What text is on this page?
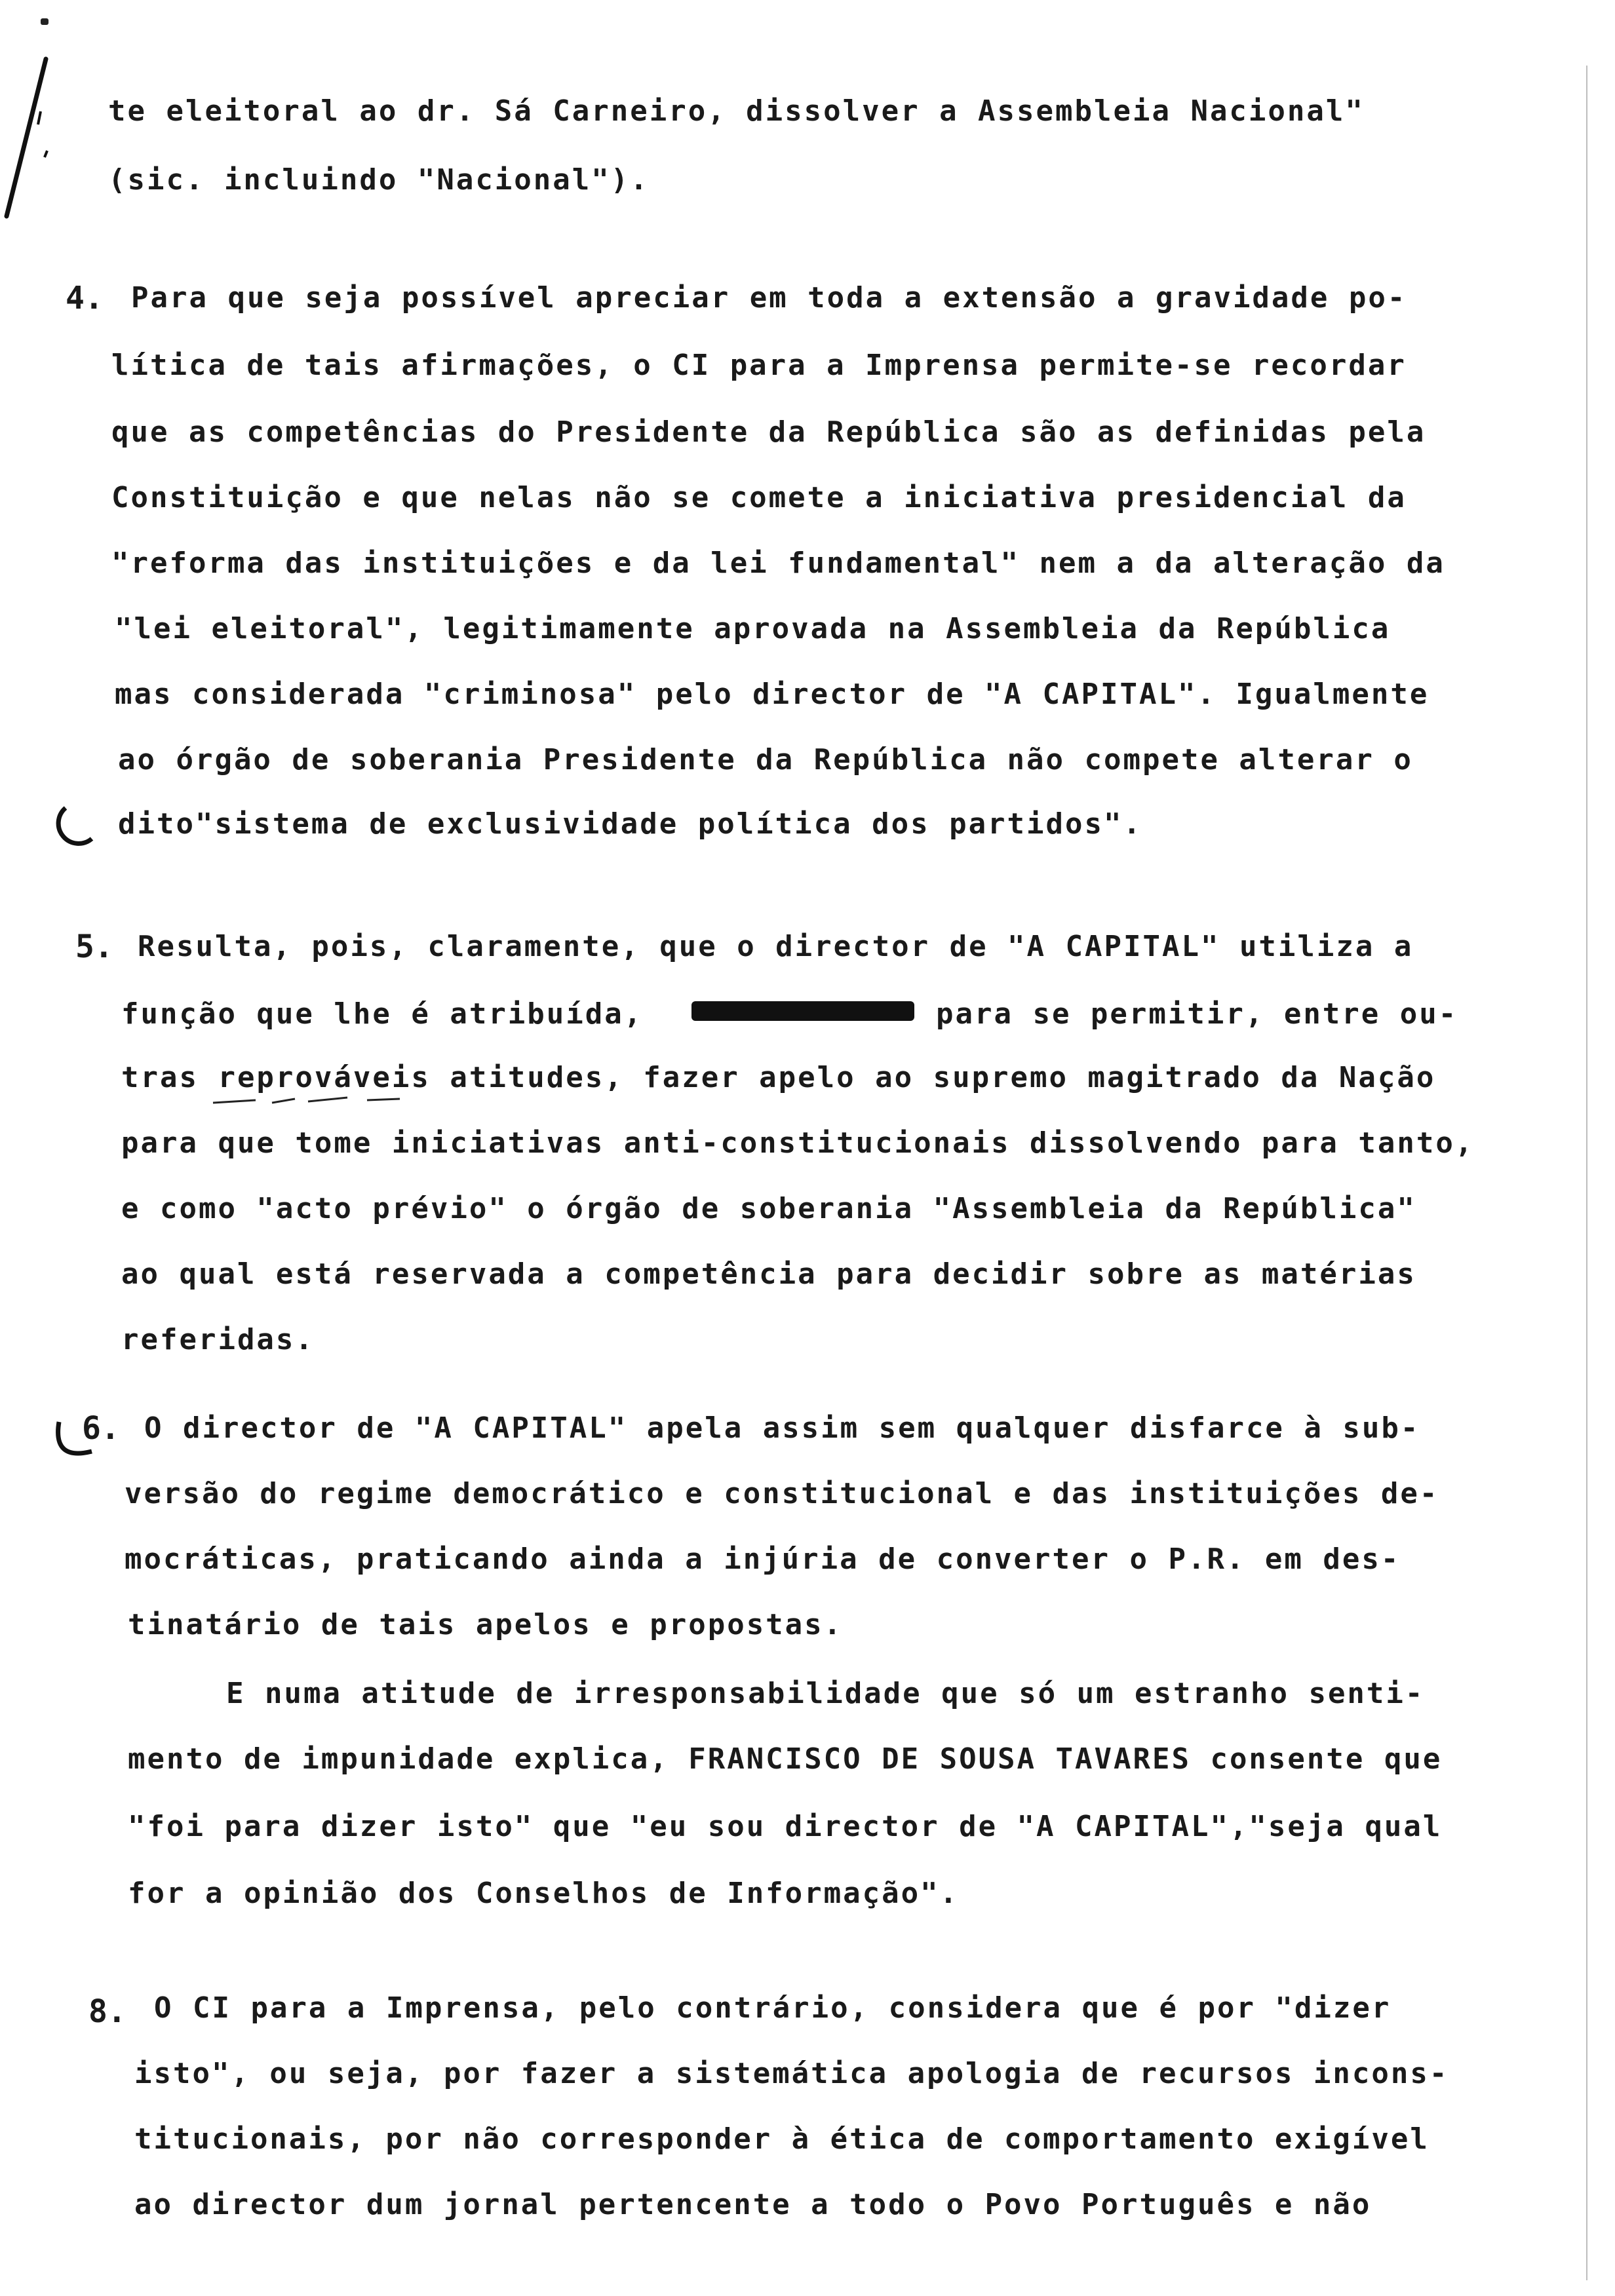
te eleitoral ao dr. Sá Carneiro, dissolver a Assembleia Nacional"
(sic. incluindo "Nacional").
4. Para que seja possível apreciar em toda a extensão a gravidade po-
lítica de tais afirmações, o CI para a Imprensa permite-se recordar
que as competências do Presidente da República são as definidas pela
Constituição e que nelas não se comete a iniciativa presidencial da
"reforma das instituições e da lei fundamental" nem a da alteração da
"lei eleitoral", legitimamente aprovada na Assembleia da República
mas considerada "criminosa" pelo director de "A CAPITAL". Igualmente
ao órgão de soberania Presidente da República não compete alterar o
dito"sistema de exclusividade política dos partidos".
5. Resulta, pois, claramente, que o director de "A CAPITAL" utiliza a
função que lhe é atribuída,	para se permitir, entre ou-
tras reprováveis atitudes, fazer apelo ao supremo magitrado da Nação
para que tome iniciativas anti-constitucionais dissolvendo para tanto,
e como "acto prévio" o órgão de soberania "Assembleia da República"
ao qual está reservada a competência para decidir sobre as matérias
referidas.
6. O director de "A CAPITAL" apela assim sem qualquer disfarce à sub-
versão do regime democrático e constitucional e das instituições de-
mocráticas, praticando ainda a injúria de converter o P.R. em des-
tinatário de tais apelos e propostas.
E numa atitude de irresponsabilidade que só um estranho senti-
mento de impunidade explica, FRANCISCO DE SOUSA TAVARES consente que
"foi para dizer isto" que "eu sou director de "A CAPITAL","seja qual
for a opinião dos Conselhos de Informação".
8. O CI para a Imprensa, pelo contrário, considera que é por "dizer
isto", ou seja, por fazer a sistemática apologia de recursos incons-
titucionais, por não corresponder à ética de comportamento exigível
ao director dum jornal pertencente a todo o Povo Português e não
